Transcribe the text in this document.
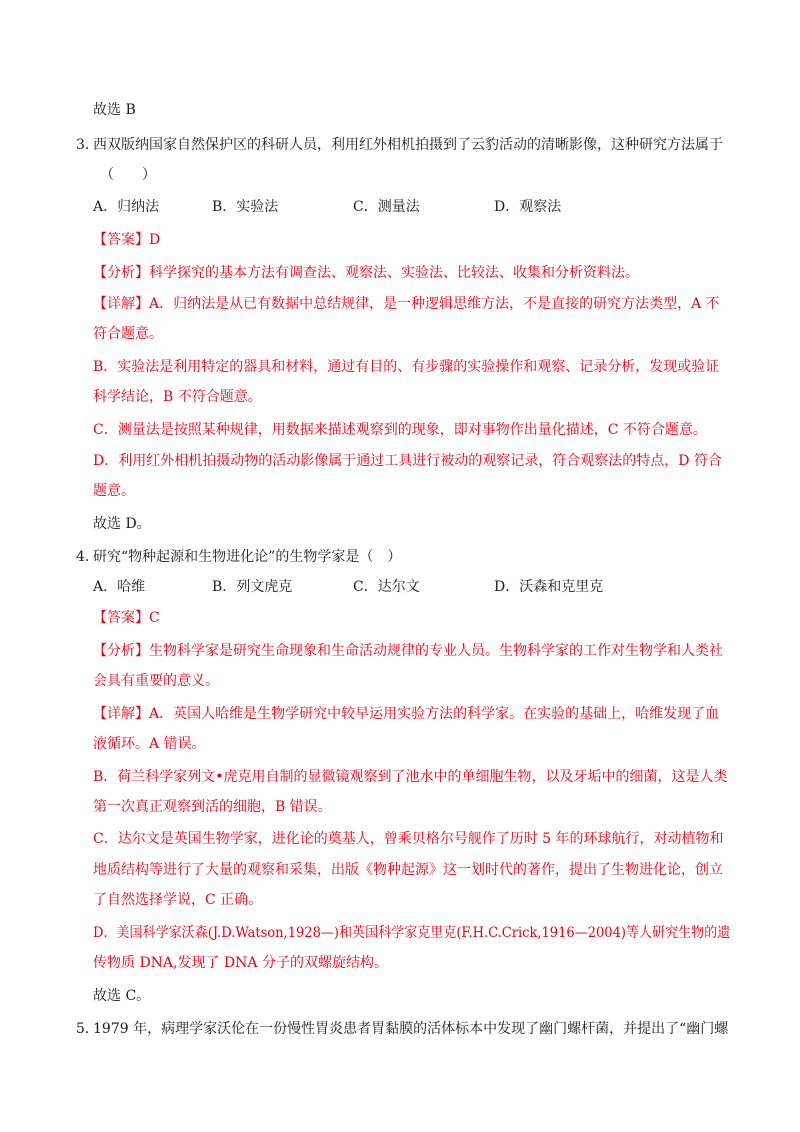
故选 B
3．
西双版纳国家自然保护区的科研人员，利用红外相机拍摄到了云豹活动的清晰影像，这种研究方法属于
（　　）
A．归纳法	B．实验法	C．测量法	D．观察法
【答案】D
【分析】科学探究的基本方法有调查法、观察法、实验法、比较法、收集和分析资料法。
【详解】A．归纳法是从已有数据中总结规律，是一种逻辑思维方法，不是直接的研究方法类型，A 不
符合题意。
B．实验法是利用特定的器具和材料，通过有目的、有步骤的实验操作和观察、记录分析，发现或验证
科学结论，B 不符合题意。
C．测量法是按照某种规律，用数据来描述观察到的现象，即对事物作出量化描述，C 不符合题意。
D．利用红外相机拍摄动物的活动影像属于通过工具进行被动的观察记录，符合观察法的特点，D 符合
题意。
故选 D。
4．
研究“物种起源和生物进化论”的生物学家是（　）
A．哈维	B．列文虎克	C．达尔文	D．沃森和克里克
【答案】C
【分析】生物科学家是研究生命现象和生命活动规律的专业人员。生物科学家的工作对生物学和人类社
会具有重要的意义。
【详解】A．英国人哈维是生物学研究中较早运用实验方法的科学家。在实验的基础上，哈维发现了血
液循环。A 错误。
B．荷兰科学家列文•虎克用自制的显微镜观察到了池水中的单细胞生物，以及牙垢中的细菌，这是人类
第一次真正观察到活的细胞，B 错误。
C．达尔文是英国生物学家，进化论的奠基人，曾乘贝格尔号舰作了历时 5 年的环球航行，对动植物和
地质结构等进行了大量的观察和采集，出版《物种起源》这一划时代的著作，提出了生物进化论，创立
了自然选择学说，C 正确。
D．美国科学家沃森(J.D.Watson,1928—)和英国科学家克里克(F.H.C.Crick,1916—2004)等人研究生物的遗
传物质 DNA,发现了 DNA 分子的双螺旋结构。
故选 C。
5．
1979 年，病理学家沃伦在一份慢性胃炎患者胃黏膜的活体标本中发现了幽门螺杆菌，并提出了“幽门螺
